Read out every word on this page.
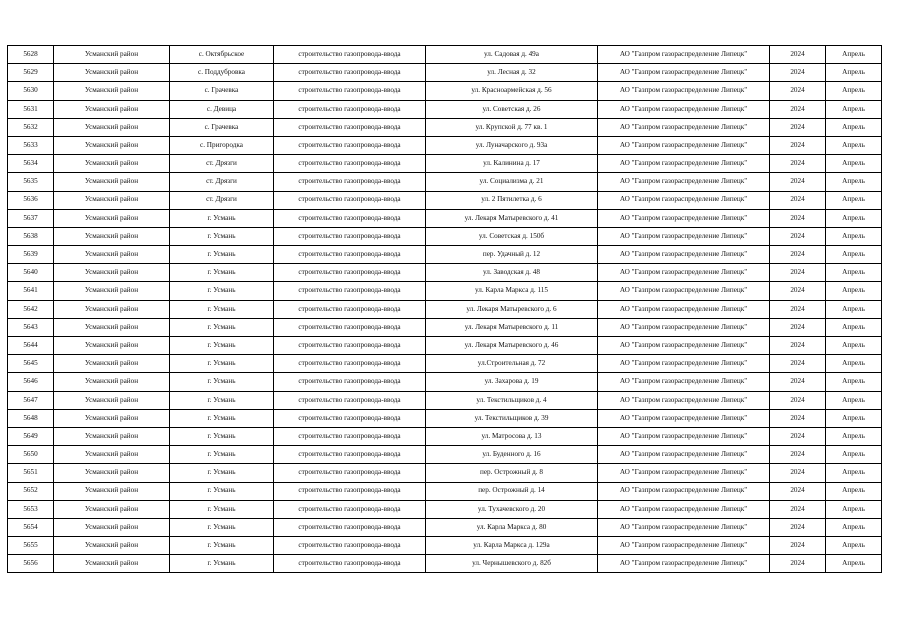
5628	Усманский район	с. Октябрьское	строительство газопровода-ввода	ул. Садовая д. 49а	АО "Газпром газораспределение Липецк"	2024	Апрель
5629	Усманский район	с. Поддубровка	строительство газопровода-ввода	ул. Лесная д. 32	АО "Газпром газораспределение Липецк"	2024	Апрель
5630	Усманский район	с. Грачевка	строительство газопровода-ввода	ул. Красноармейская д. 56	АО "Газпром газораспределение Липецк"	2024	Апрель
5631	Усманский район	с. Девица	строительство газопровода-ввода	ул. Советская д. 26	АО "Газпром газораспределение Липецк"	2024	Апрель
5632	Усманский район	с. Грачевка	строительство газопровода-ввода	ул. Крупской д. 77 кв. 1	АО "Газпром газораспределение Липецк"	2024	Апрель
5633	Усманский район	с. Пригородка	строительство газопровода-ввода	ул. Луначарского д. 93а	АО "Газпром газораспределение Липецк"	2024	Апрель
5634	Усманский район	ст. Дрязги	строительство газопровода-ввода	ул. Калинина д. 17	АО "Газпром газораспределение Липецк"	2024	Апрель
5635	Усманский район	ст. Дрязги	строительство газопровода-ввода	ул. Социализма д. 21	АО "Газпром газораспределение Липецк"	2024	Апрель
5636	Усманский район	ст. Дрязги	строительство газопровода-ввода	ул. 2 Пятилетка д. 6	АО "Газпром газораспределение Липецк"	2024	Апрель
5637	Усманский район	г. Усмань	строительство газопровода-ввода	ул. Лекаря Матыревского д. 41	АО "Газпром газораспределение Липецк"	2024	Апрель
5638	Усманский район	г. Усмань	строительство газопровода-ввода	ул. Советская д. 150б	АО "Газпром газораспределение Липецк"	2024	Апрель
5639	Усманский район	г. Усмань	строительство газопровода-ввода	пер. Удачный д. 12	АО "Газпром газораспределение Липецк"	2024	Апрель
5640	Усманский район	г. Усмань	строительство газопровода-ввода	ул. Заводская д. 48	АО "Газпром газораспределение Липецк"	2024	Апрель
5641	Усманский район	г. Усмань	строительство газопровода-ввода	ул. Карла Маркса д. 115	АО "Газпром газораспределение Липецк"	2024	Апрель
5642	Усманский район	г. Усмань	строительство газопровода-ввода	ул. Лекаря Матыревского д. 6	АО "Газпром газораспределение Липецк"	2024	Апрель
5643	Усманский район	г. Усмань	строительство газопровода-ввода	ул. Лекаря Матыревского д. 11	АО "Газпром газораспределение Липецк"	2024	Апрель
5644	Усманский район	г. Усмань	строительство газопровода-ввода	ул. Лекаря Матыревского д. 46	АО "Газпром газораспределение Липецк"	2024	Апрель
5645	Усманский район	г. Усмань	строительство газопровода-ввода	ул.Строительная д. 72	АО "Газпром газораспределение Липецк"	2024	Апрель
5646	Усманский район	г. Усмань	строительство газопровода-ввода	ул. Захарова д. 19	АО "Газпром газораспределение Липецк"	2024	Апрель
5647	Усманский район	г. Усмань	строительство газопровода-ввода	ул. Текстильщиков д. 4	АО "Газпром газораспределение Липецк"	2024	Апрель
5648	Усманский район	г. Усмань	строительство газопровода-ввода	ул. Текстильщиков д. 39	АО "Газпром газораспределение Липецк"	2024	Апрель
5649	Усманский район	г. Усмань	строительство газопровода-ввода	ул. Матросова д. 13	АО "Газпром газораспределение Липецк"	2024	Апрель
5650	Усманский район	г. Усмань	строительство газопровода-ввода	ул. Буденного д. 16	АО "Газпром газораспределение Липецк"	2024	Апрель
5651	Усманский район	г. Усмань	строительство газопровода-ввода	пер. Острожный д. 8	АО "Газпром газораспределение Липецк"	2024	Апрель
5652	Усманский район	г. Усмань	строительство газопровода-ввода	пер. Острожный д. 14	АО "Газпром газораспределение Липецк"	2024	Апрель
5653	Усманский район	г. Усмань	строительство газопровода-ввода	ул. Тухачевского д. 20	АО "Газпром газораспределение Липецк"	2024	Апрель
5654	Усманский район	г. Усмань	строительство газопровода-ввода	ул. Карла Маркса д. 80	АО "Газпром газораспределение Липецк"	2024	Апрель
5655	Усманский район	г. Усмань	строительство газопровода-ввода	ул. Карла Маркса д. 129а	АО "Газпром газораспределение Липецк"	2024	Апрель
5656	Усманский район	г. Усмань	строительство газопровода-ввода	ул. Чернышевского д. 82б	АО "Газпром газораспределение Липецк"	2024	Апрель
